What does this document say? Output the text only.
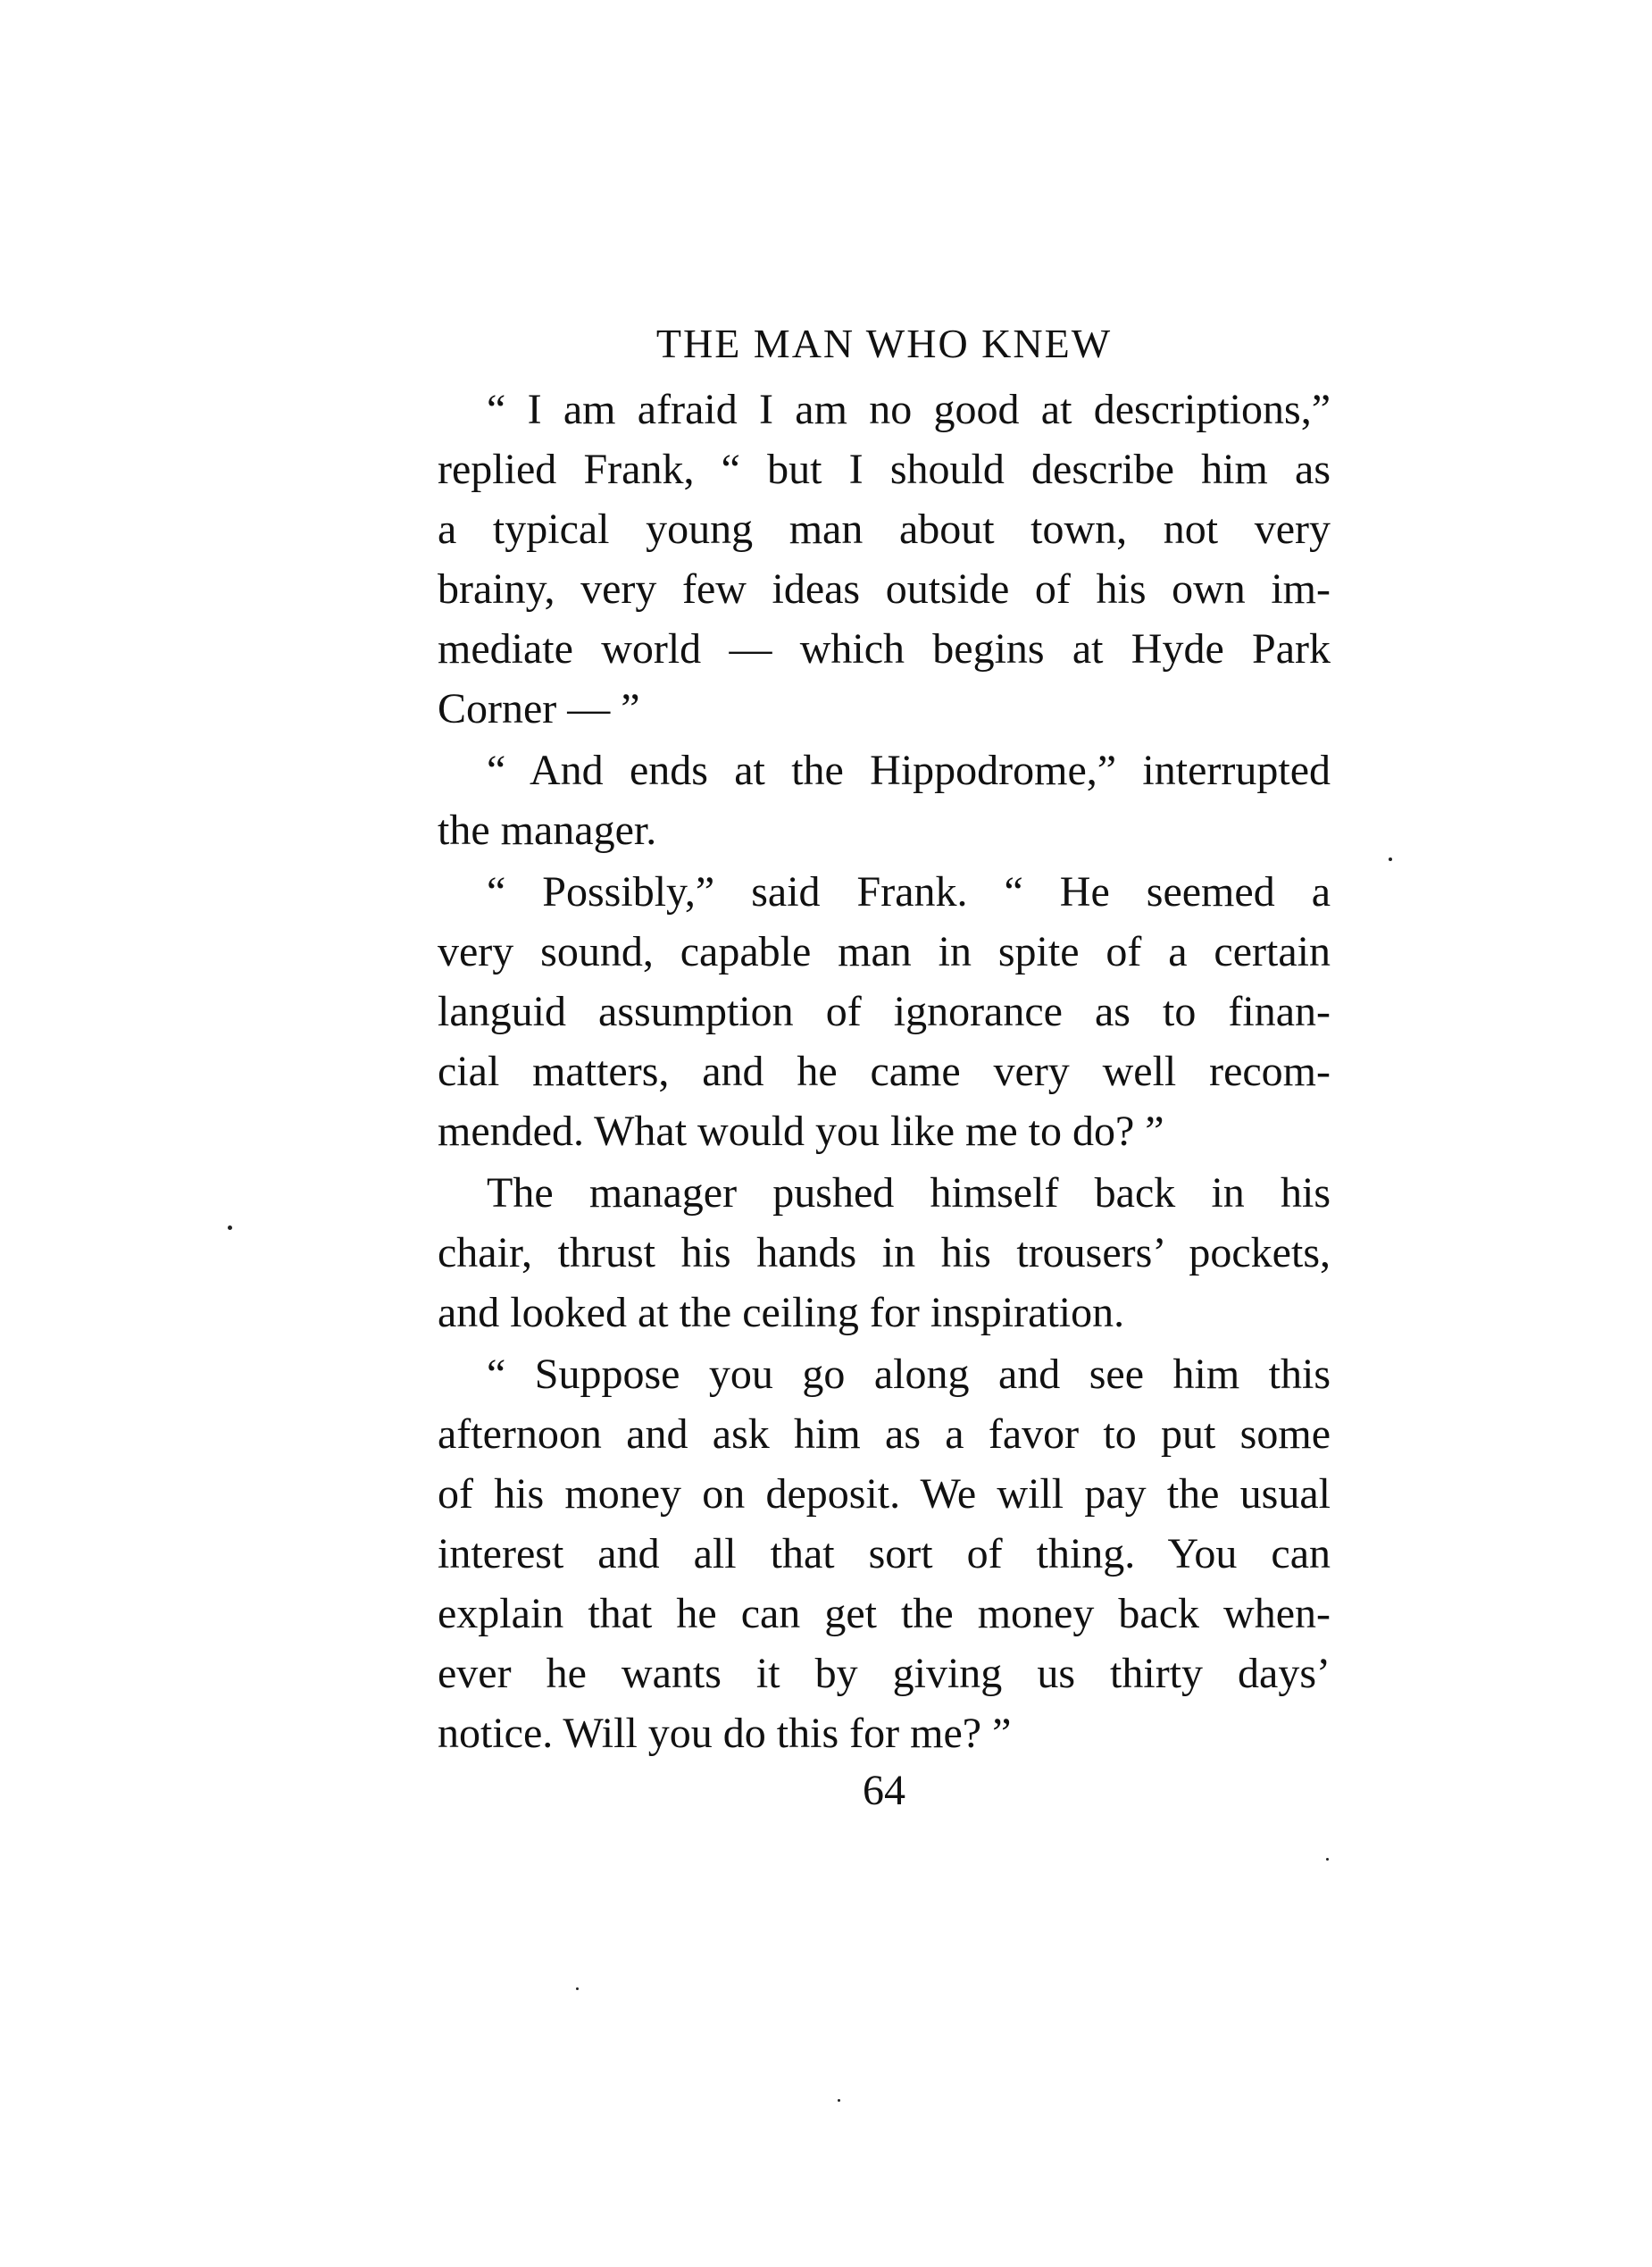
THE MAN WHO KNEW
“ I am afraid I am no good at descriptions,”
replied Frank, “ but I should describe him as
a typical young man about town, not very
brainy, very few ideas outside of his own im-
mediate world — which begins at Hyde Park
Corner — ”
“ And ends at the Hippodrome,” interrupted
the manager.
“ Possibly,” said Frank. “ He seemed a
very sound, capable man in spite of a certain
languid assumption of ignorance as to finan-
cial matters, and he came very well recom-
mended. What would you like me to do? ”
The manager pushed himself back in his
chair, thrust his hands in his trousers’ pockets,
and looked at the ceiling for inspiration.
“ Suppose you go along and see him this
afternoon and ask him as a favor to put some
of his money on deposit. We will pay the usual
interest and all that sort of thing. You can
explain that he can get the money back when-
ever he wants it by giving us thirty days’
notice. Will you do this for me? ”
64
